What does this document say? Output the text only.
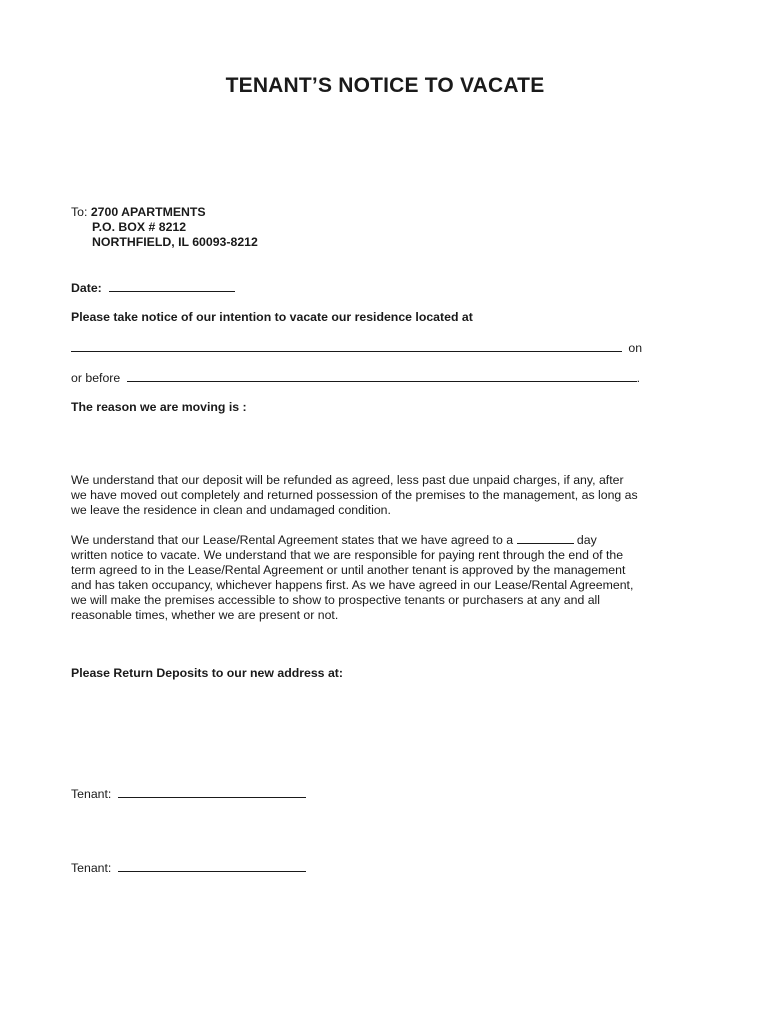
TENANT’S NOTICE TO VACATE
To: 2700 APARTMENTS
P.O. BOX # 8212
NORTHFIELD, IL 60093-8212
Date:
Please take notice of our intention to vacate our residence located at
on
or before	.
The reason we are moving is :

We understand that our deposit will be refunded as agreed, less past due unpaid charges, if any, after

we have moved out completely and returned possession of the premises to the management, as long as

we leave the residence in clean and undamaged condition.

We understand that our Lease/Rental Agreement states that we have agreed to a	day

written notice to vacate. We understand that we are responsible for paying rent through the end of the

term agreed to in the Lease/Rental Agreement or until another tenant is approved by the management

and has taken occupancy, whichever happens first. As we have agreed in our Lease/Rental Agreement,

we will make the premises accessible to show to prospective tenants or purchasers at any and all

reasonable times, whether we are present or not.

Please Return Deposits to our new address at:
Tenant:
Tenant:
